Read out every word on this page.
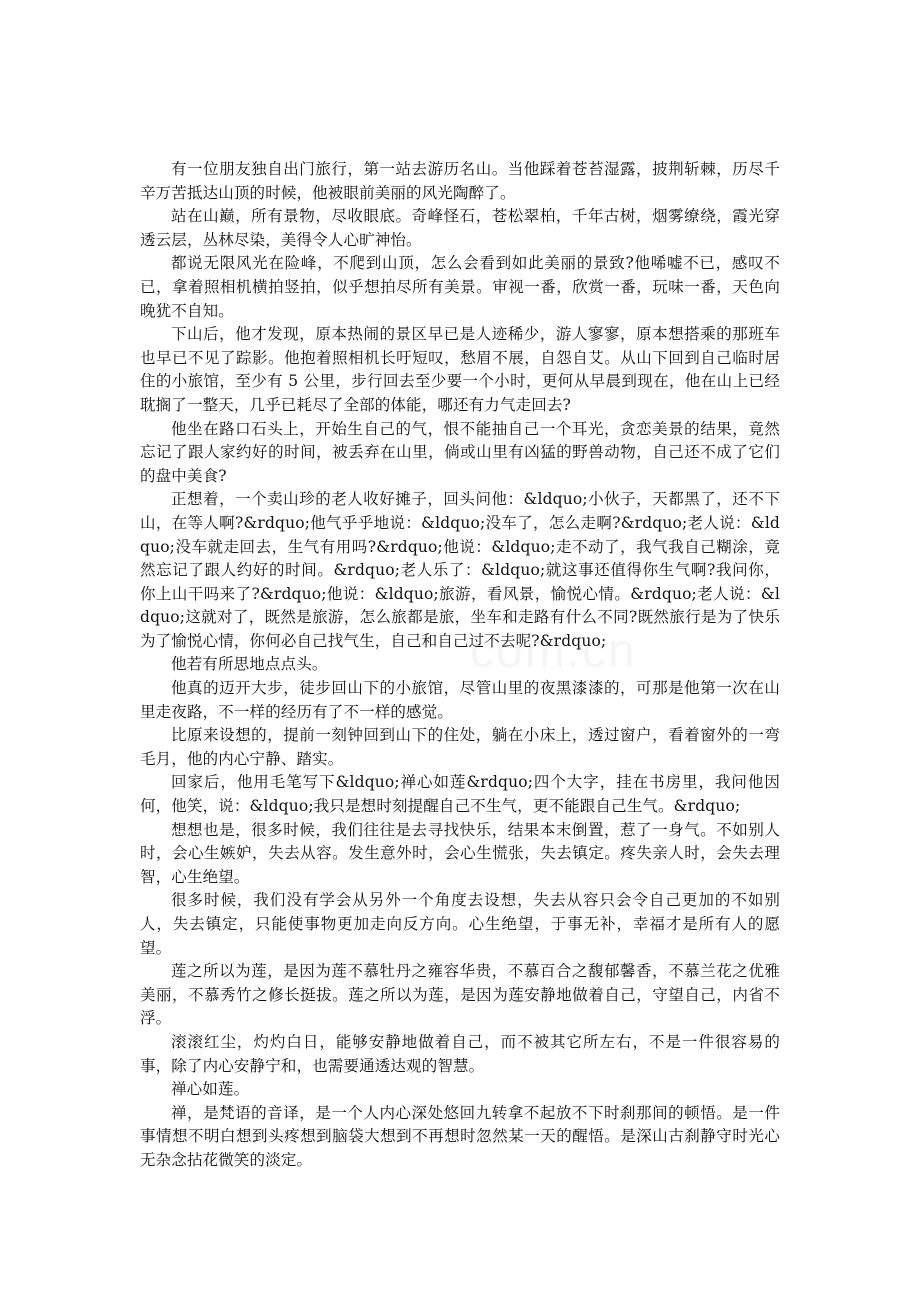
有一位朋友独自出门旅行，第一站去游历名山。当他踩着苍苔湿露，披荆斩棘，历尽千辛万苦抵达山顶的时候，他被眼前美丽的风光陶醉了。

站在山巅，所有景物，尽收眼底。奇峰怪石，苍松翠柏，千年古树，烟雾缭绕，霞光穿透云层，丛林尽染，美得令人心旷神怡。

都说无限风光在险峰，不爬到山顶，怎么会看到如此美丽的景致?他唏嘘不已，感叹不已，拿着照相机横拍竖拍，似乎想拍尽所有美景。审视一番，欣赏一番，玩味一番，天色向晚犹不自知。

下山后，他才发现，原本热闹的景区早已是人迹稀少，游人寥寥，原本想搭乘的那班车也早已不见了踪影。他抱着照相机长吁短叹，愁眉不展，自怨自艾。从山下回到自己临时居住的小旅馆，至少有 5 公里，步行回去至少要一个小时，更何从早晨到现在，他在山上已经耽搁了一整天，几乎已耗尽了全部的体能，哪还有力气走回去?

他坐在路口石头上，开始生自己的气，恨不能抽自己一个耳光，贪恋美景的结果，竟然忘记了跟人家约好的时间，被丢弃在山里，倘或山里有凶猛的野兽动物，自己还不成了它们的盘中美食?

正想着，一个卖山珍的老人收好摊子，回头问他：&ldquo;小伙子，天都黑了，还不下山，在等人啊?&rdquo;他气乎乎地说：&ldquo;没车了，怎么走啊?&rdquo;老人说：&ldquo;没车就走回去，生气有用吗?&rdquo;他说：&ldquo;走不动了，我气我自己糊涂，竟然忘记了跟人约好的时间。&rdquo;老人乐了：&ldquo;就这事还值得你生气啊?我问你，你上山干吗来了?&rdquo;他说：&ldquo;旅游，看风景，愉悦心情。&rdquo;老人说：&ldquo;这就对了，既然是旅游，怎么旅都是旅，坐车和走路有什么不同?既然旅行是为了快乐为了愉悦心情，你何必自己找气生，自己和自己过不去呢?&rdquo;

他若有所思地点点头。

他真的迈开大步，徒步回山下的小旅馆，尽管山里的夜黑漆漆的，可那是他第一次在山里走夜路，不一样的经历有了不一样的感觉。

比原来设想的，提前一刻钟回到山下的住处，躺在小床上，透过窗户，看着窗外的一弯毛月，他的内心宁静、踏实。

回家后，他用毛笔写下&ldquo;禅心如莲&rdquo;四个大字，挂在书房里，我问他因何，他笑，说：&ldquo;我只是想时刻提醒自己不生气，更不能跟自己生气。&rdquo;

想想也是，很多时候，我们往往是去寻找快乐，结果本末倒置，惹了一身气。不如别人时，会心生嫉妒，失去从容。发生意外时，会心生慌张，失去镇定。疼失亲人时，会失去理智，心生绝望。

很多时候，我们没有学会从另外一个角度去设想，失去从容只会令自己更加的不如别人，失去镇定，只能使事物更加走向反方向。心生绝望，于事无补，幸福才是所有人的愿望。

莲之所以为莲，是因为莲不慕牡丹之雍容华贵，不慕百合之馥郁馨香，不慕兰花之优雅美丽，不慕秀竹之修长挺拔。莲之所以为莲，是因为莲安静地做着自己，守望自己，内省不浮。

滚滚红尘，灼灼白日，能够安静地做着自己，而不被其它所左右，不是一件很容易的事，除了内心安静宁和，也需要通透达观的智慧。

禅心如莲。

禅，是梵语的音译，是一个人内心深处悠回九转拿不起放不下时刹那间的顿悟。是一件事情想不明白想到头疼想到脑袋大想到不再想时忽然某一天的醒悟。是深山古刹静守时光心无杂念拈花微笑的淡定。
